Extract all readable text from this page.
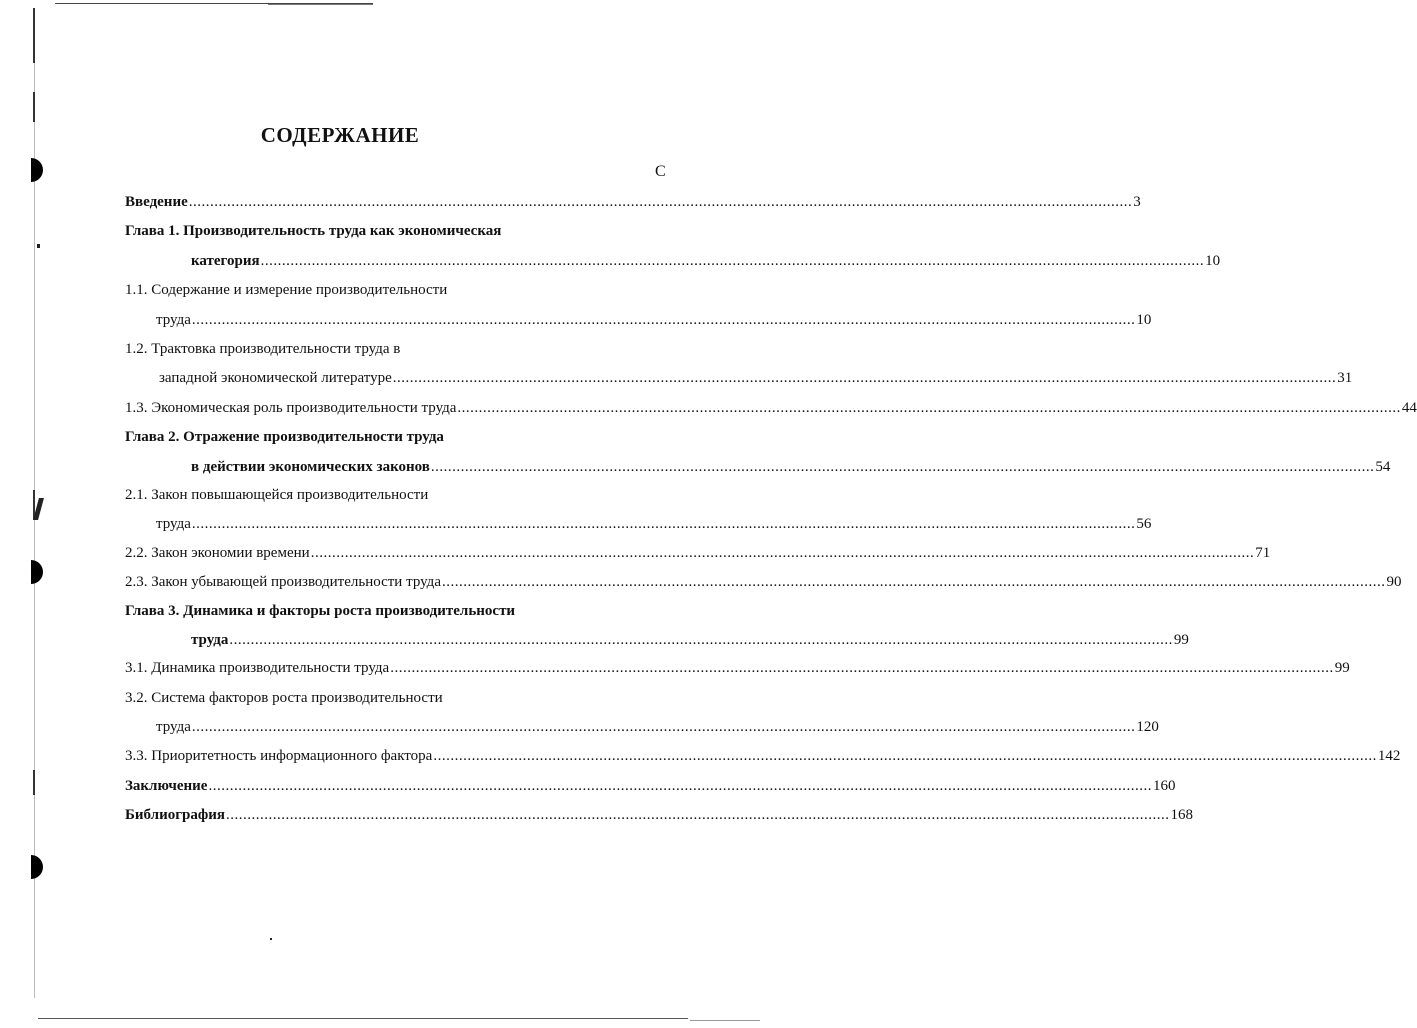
СОДЕРЖАНИЕ
С
Введение .............................................................................................................................................................................................................................. 3
Глава 1. Производительность труда как экономическая
категория .............................................................................................................................................................................................................................. 10
1.1. Содержание и измерение производительности
труда .............................................................................................................................................................................................................................. 10
1.2. Трактовка производительности труда в
западной экономической литературе .............................................................................................................................................................................................................................. 31
1.3. Экономическая роль производительности труда .............................................................................................................................................................................................................................. 44
Глава 2. Отражение производительности труда
в действии экономических законов .............................................................................................................................................................................................................................. 54
2.1. Закон повышающейся производительности
труда .............................................................................................................................................................................................................................. 56
2.2. Закон экономии времени .............................................................................................................................................................................................................................. 71
2.3. Закон убывающей производительности труда .............................................................................................................................................................................................................................. 90
Глава 3. Динамика и факторы роста производительности
труда .............................................................................................................................................................................................................................. 99
3.1. Динамика производительности труда .............................................................................................................................................................................................................................. 99
3.2. Система факторов роста производительности
труда .............................................................................................................................................................................................................................. 120
3.3. Приоритетность информационного фактора .............................................................................................................................................................................................................................. 142
Заключение .............................................................................................................................................................................................................................. 160
Библиография .............................................................................................................................................................................................................................. 168
